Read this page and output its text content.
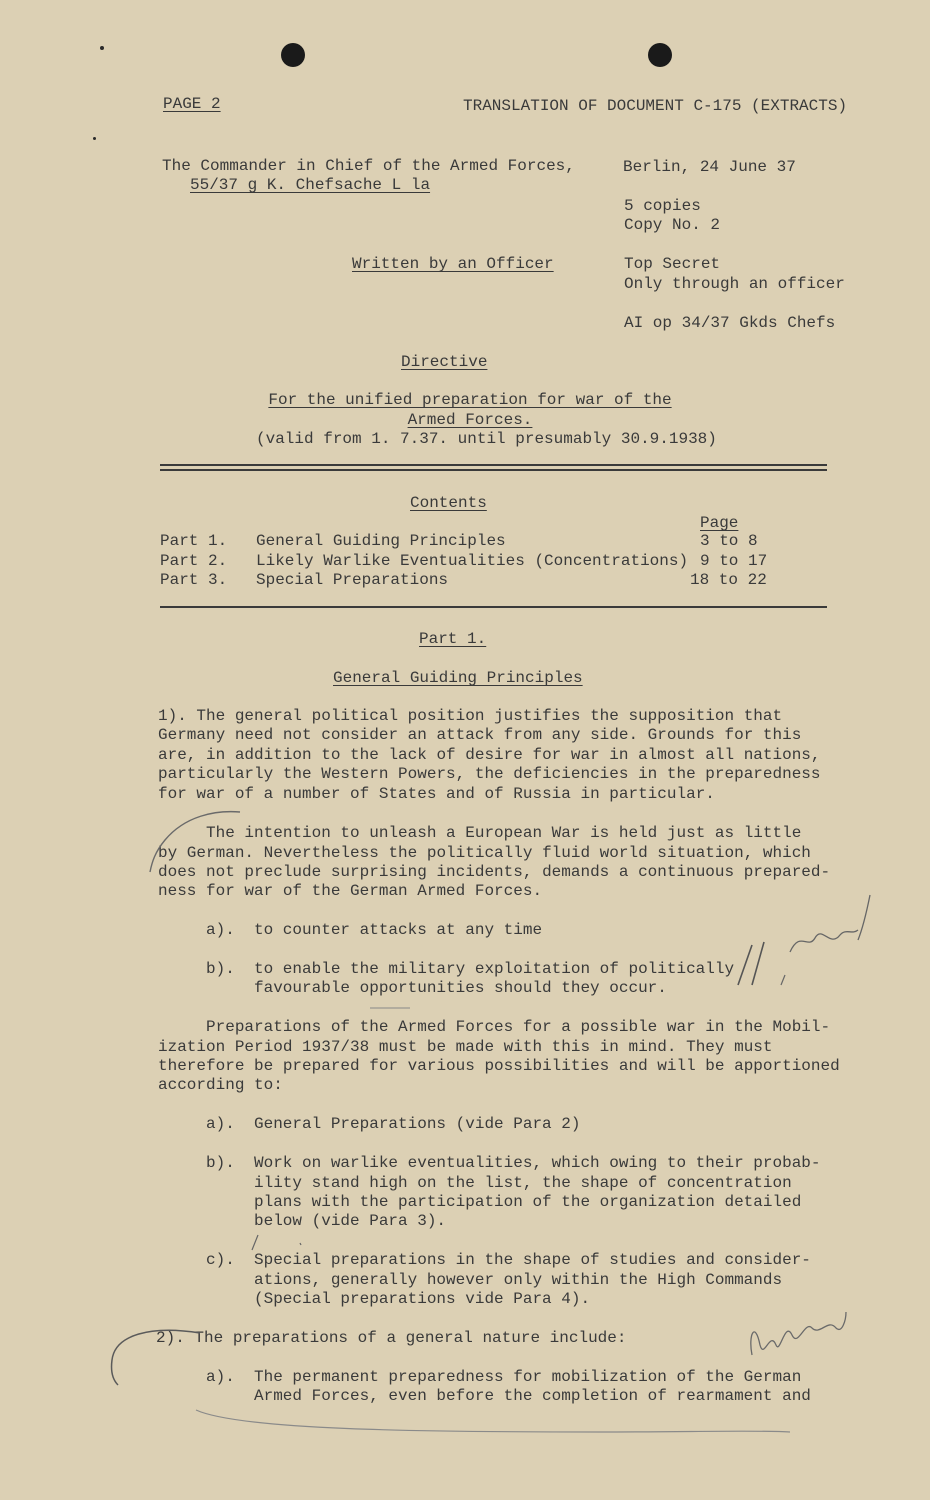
PAGE 2	TRANSLATION OF DOCUMENT C-175 (EXTRACTS)
The Commander in Chief of the Armed Forces,
55/37 g K. Chefsache L la
Berlin, 24 June 37
5 copies
Copy No. 2
Written by an Officer	Top Secret
Only through an officer
AI op 34/37 Gkds Chefs
Directive
For the unified preparation for war of the
Armed Forces.
(valid from 1. 7.37. until presumably 30.9.1938)
Contents
Page
Part 1. General Guiding Principles	3 to 8
Part 2. Likely Warlike Eventualities (Concentrations) 9 to 17
Part 3. Special Preparations	18 to 22
Part 1.
General Guiding Principles
1). The general political position justifies the supposition that
Germany need not consider an attack from any side. Grounds for this
are, in addition to the lack of desire for war in almost all nations,
particularly the Western Powers, the deficiencies in the preparedness
for war of a number of States and of Russia in particular.
The intention to unleash a European War is held just as little
by German. Nevertheless the politically fluid world situation, which
does not preclude surprising incidents, demands a continuous prepared-
ness for war of the German Armed Forces.
a). to counter attacks at any time
b). to enable the military exploitation of politically
favourable opportunities should they occur.
Preparations of the Armed Forces for a possible war in the Mobil-
ization Period 1937/38 must be made with this in mind. They must
therefore be prepared for various possibilities and will be apportioned
according to:
a). General Preparations (vide Para 2)
b). Work on warlike eventualities, which owing to their probab-
ility stand high on the list, the shape of concentration
plans with the participation of the organization detailed
below (vide Para 3).
c). Special preparations in the shape of studies and consider-
ations, generally however only within the High Commands
(Special preparations vide Para 4).
2). The preparations of a general nature include:
a). The permanent preparedness for mobilization of the German
Armed Forces, even before the completion of rearmament and
